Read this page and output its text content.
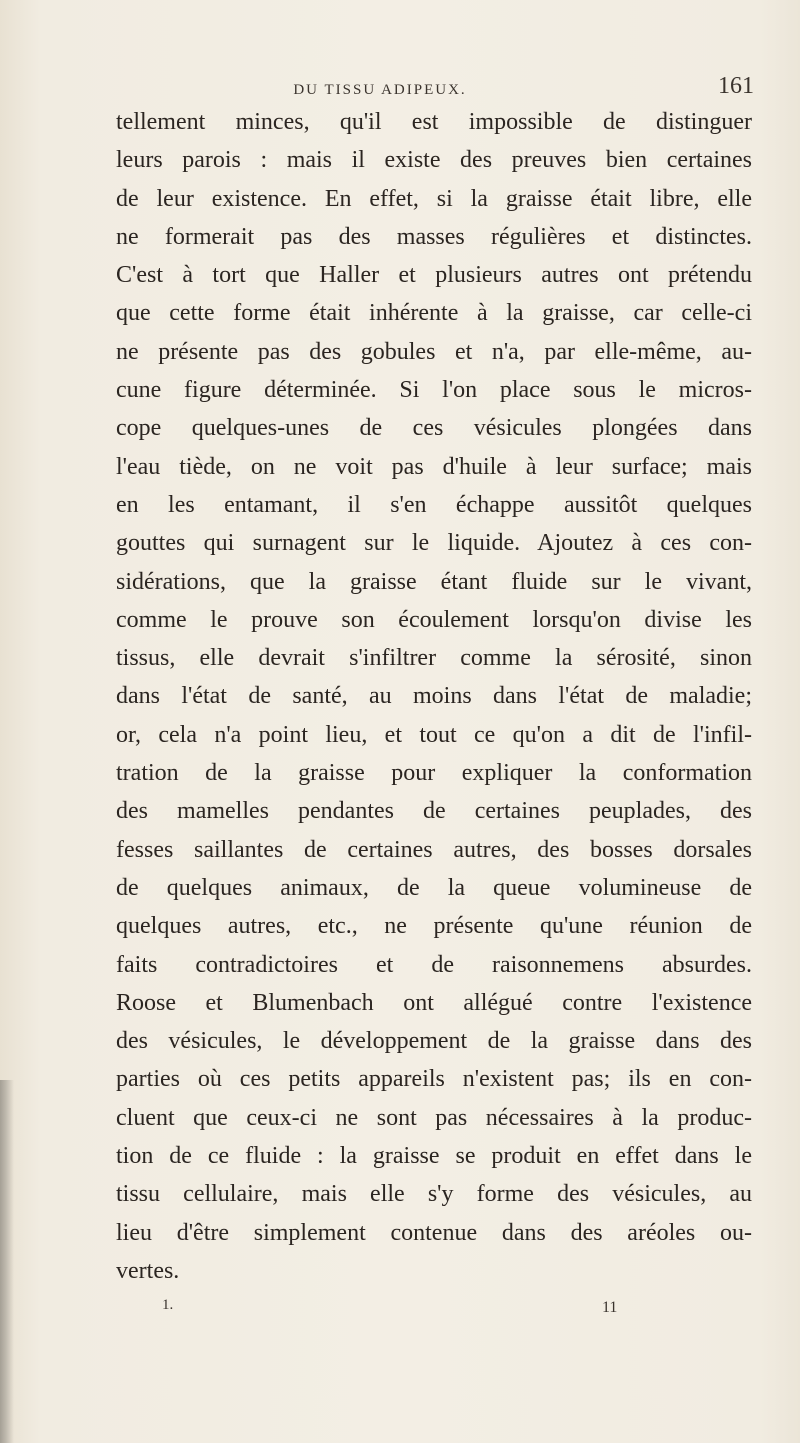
DU TISSU ADIPEUX.	161
tellement minces, qu'il est impossible de distinguer
leurs parois : mais il existe des preuves bien certaines
de leur existence. En effet, si la graisse était libre, elle
ne formerait pas des masses régulières et distinctes.
C'est à tort que Haller et plusieurs autres ont prétendu
que cette forme était inhérente à la graisse, car celle-ci
ne présente pas des gobules et n'a, par elle-même, au-
cune figure déterminée. Si l'on place sous le micros-
cope quelques-unes de ces vésicules plongées dans
l'eau tiède, on ne voit pas d'huile à leur surface; mais
en les entamant, il s'en échappe aussitôt quelques
gouttes qui surnagent sur le liquide. Ajoutez à ces con-
sidérations, que la graisse étant fluide sur le vivant,
comme le prouve son écoulement lorsqu'on divise les
tissus, elle devrait s'infiltrer comme la sérosité, sinon
dans l'état de santé, au moins dans l'état de maladie;
or, cela n'a point lieu, et tout ce qu'on a dit de l'infil-
tration de la graisse pour expliquer la conformation
des mamelles pendantes de certaines peuplades, des
fesses saillantes de certaines autres, des bosses dorsales
de quelques animaux, de la queue volumineuse de
quelques autres, etc., ne présente qu'une réunion de
faits contradictoires et de raisonnemens absurdes.
Roose et Blumenbach ont allégué contre l'existence
des vésicules, le développement de la graisse dans des
parties où ces petits appareils n'existent pas; ils en con-
cluent que ceux-ci ne sont pas nécessaires à la produc-
tion de ce fluide : la graisse se produit en effet dans le
tissu cellulaire, mais elle s'y forme des vésicules, au
lieu d'être simplement contenue dans des aréoles ou-
vertes.
1.	11
